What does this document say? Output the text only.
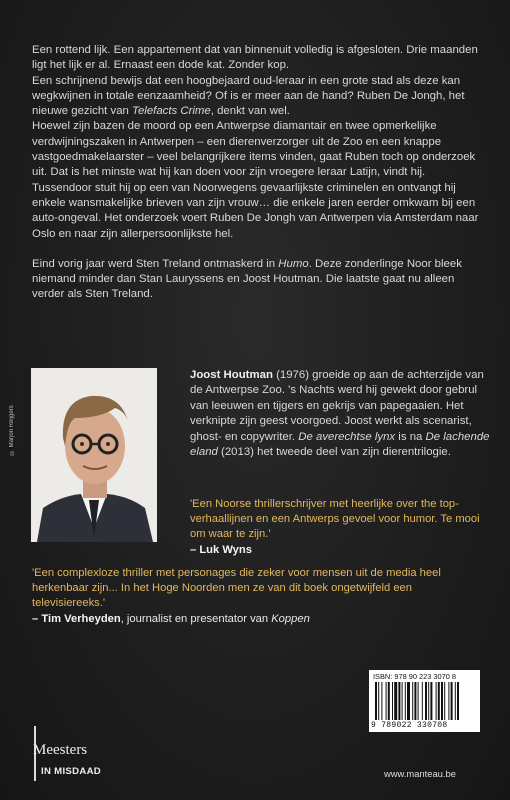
Een rottend lijk. Een appartement dat van binnenuit volledig is afgesloten. Drie maanden ligt het lijk er al. Ernaast een dode kat. Zonder kop.

Een schrijnend bewijs dat een hoogbejaard oud-leraar in een grote stad als deze kan wegkwijnen in totale eenzaamheid? Of is er meer aan de hand? Ruben De Jongh, het nieuwe gezicht van Telefacts Crime, denkt van wel.

Hoewel zijn bazen de moord op een Antwerpse diamantair en twee opmerkelijke verdwijningszaken in Antwerpen – een dierenverzorger uit de Zoo en een knappe vastgoedmakelaarster – veel belangrijkere items vinden, gaat Ruben toch op onderzoek uit. Dat is het minste wat hij kan doen voor zijn vroegere leraar Latijn, vindt hij.

Tussendoor stuit hij op een van Noorwegens gevaarlijkste criminelen en ontvangt hij enkele wansmakelijke brieven van zijn vrouw… die enkele jaren eerder omkwam bij een auto-ongeval. Het onderzoek voert Ruben De Jongh van Antwerpen via Amsterdam naar Oslo en naar zijn allerpersoonlijkste hel.

Eind vorig jaar werd Sten Treland ontmaskerd in Humo. Deze zonderlinge Noor bleek niemand minder dan Stan Lauryssens en Joost Houtman. Die laatste gaat nu alleen verder als Sten Treland.

© Marjon Reijgers

Joost Houtman (1976) groeide op aan de achterzijde van de Antwerpse Zoo. 's Nachts werd hij gewekt door gebrul van leeuwen en tijgers en gekrijs van papegaaien. Het verknipte zijn geest voorgoed. Joost werkt als scenarist, ghost- en copywriter. De averechtse lynx is na De lachende eland (2013) het tweede deel van zijn dierentrilogie.

'Een Noorse thrillerschrijver met heerlijke over the top-verhaallijnen en een Antwerps gevoel voor humor. Te mooi om waar te zijn.'

– Luk Wyns

'Een complexloze thriller met personages die zeker voor mensen uit de media heel herkenbaar zijn... In het Hoge Noorden men ze van dit boek ongetwijfeld een televisiereeks.'

– Tim Verheyden, journalist en presentator van Koppen

ISBN: 978 90 223 3070 8
9 789022 330708
Meesters
IN MISDAAD	www.manteau.be
